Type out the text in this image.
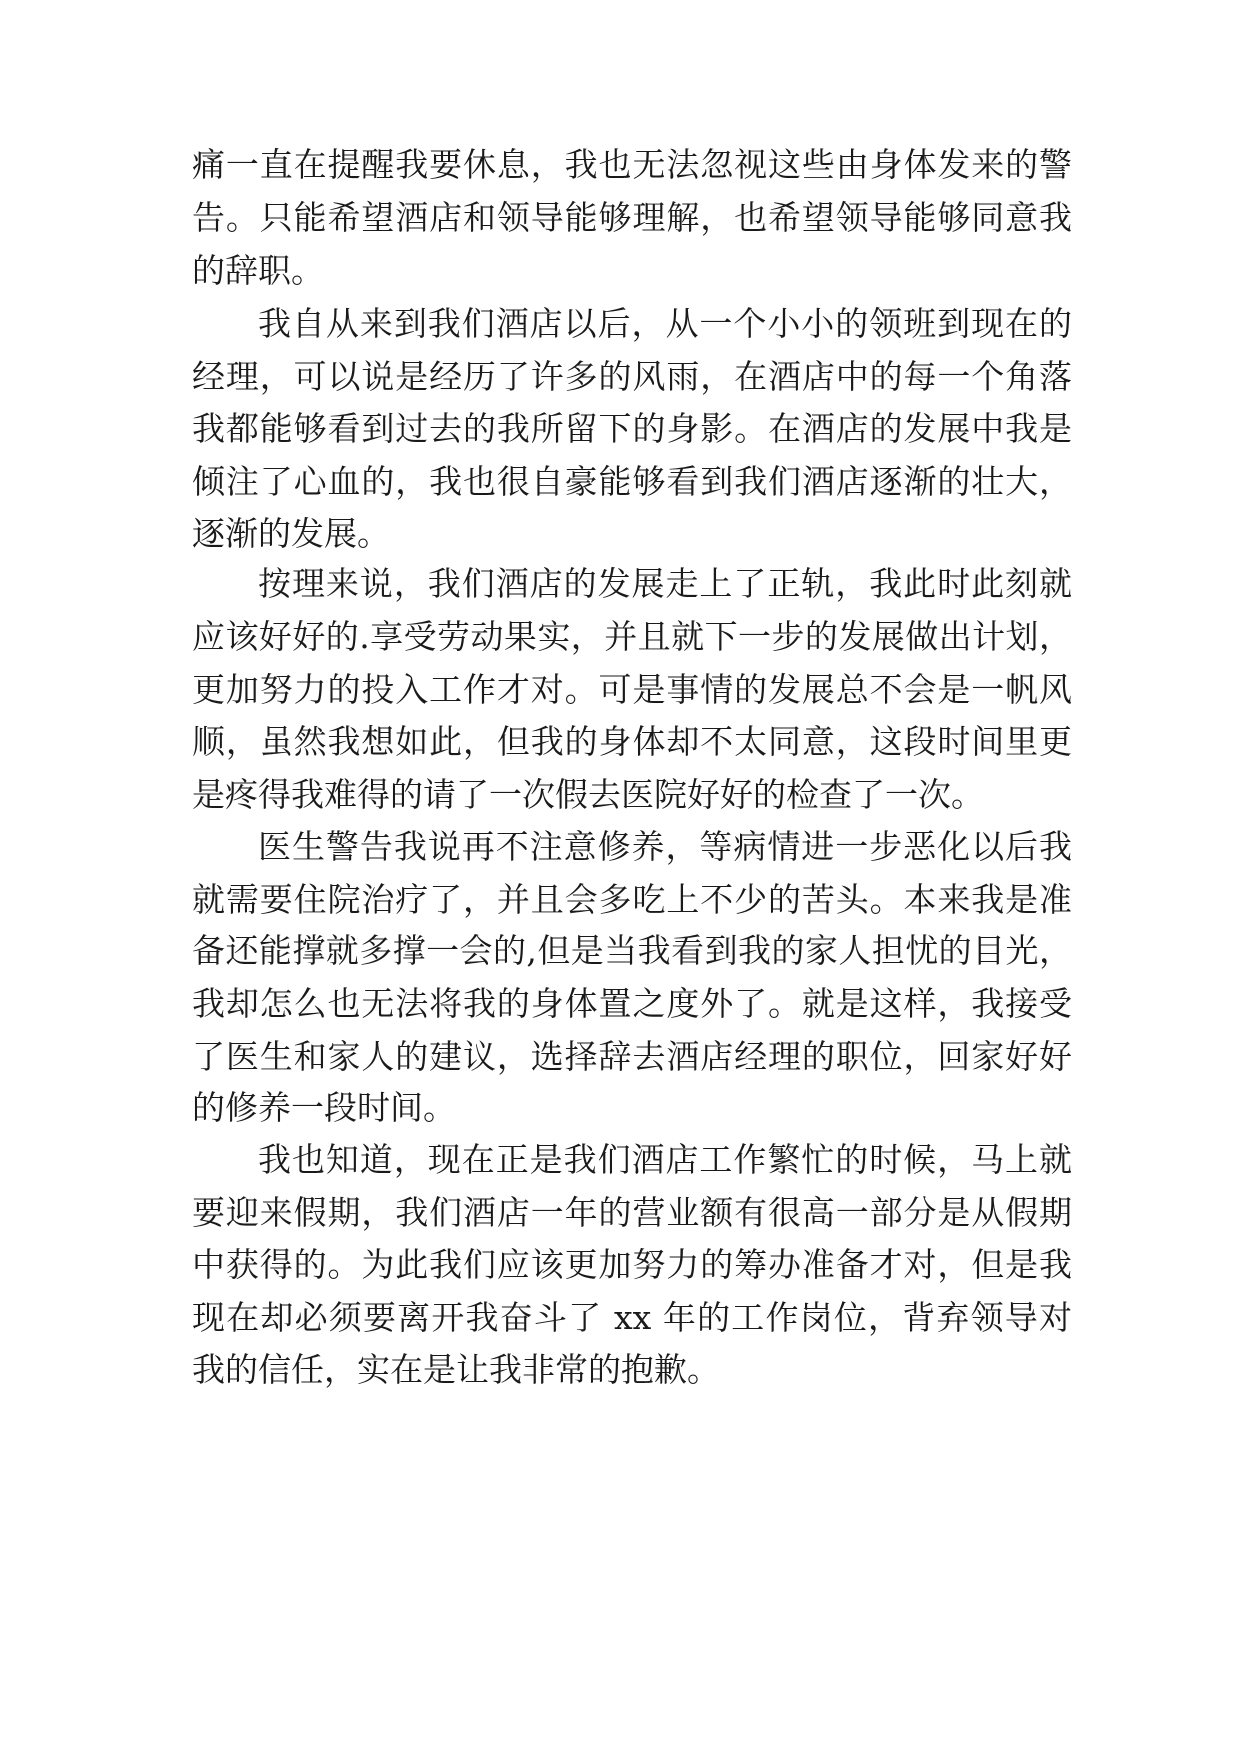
痛一直在提醒我要休息，我也无法忽视这些由身体发来的警
告。只能希望酒店和领导能够理解，也希望领导能够同意我
的辞职。
我自从来到我们酒店以后，从一个小小的领班到现在的
经理，可以说是经历了许多的风雨，在酒店中的每一个角落
我都能够看到过去的我所留下的身影。在酒店的发展中我是
倾注了心血的，我也很自豪能够看到我们酒店逐渐的壮大，
逐渐的发展。
按理来说，我们酒店的发展走上了正轨，我此时此刻就
应该好好的.享受劳动果实，并且就下一步的发展做出计划，
更加努力的投入工作才对。可是事情的发展总不会是一帆风
顺，虽然我想如此，但我的身体却不太同意，这段时间里更
是疼得我难得的请了一次假去医院好好的检查了一次。
医生警告我说再不注意修养，等病情进一步恶化以后我
就需要住院治疗了，并且会多吃上不少的苦头。本来我是准
备还能撑就多撑一会的,但是当我看到我的家人担忧的目光，
我却怎么也无法将我的身体置之度外了。就是这样，我接受
了医生和家人的建议，选择辞去酒店经理的职位，回家好好
的修养一段时间。
我也知道，现在正是我们酒店工作繁忙的时候，马上就
要迎来假期，我们酒店一年的营业额有很高一部分是从假期
中获得的。为此我们应该更加努力的筹办准备才对，但是我
现在却必须要离开我奋斗了 xx 年的工作岗位，背弃领导对
我的信任，实在是让我非常的抱歉。
